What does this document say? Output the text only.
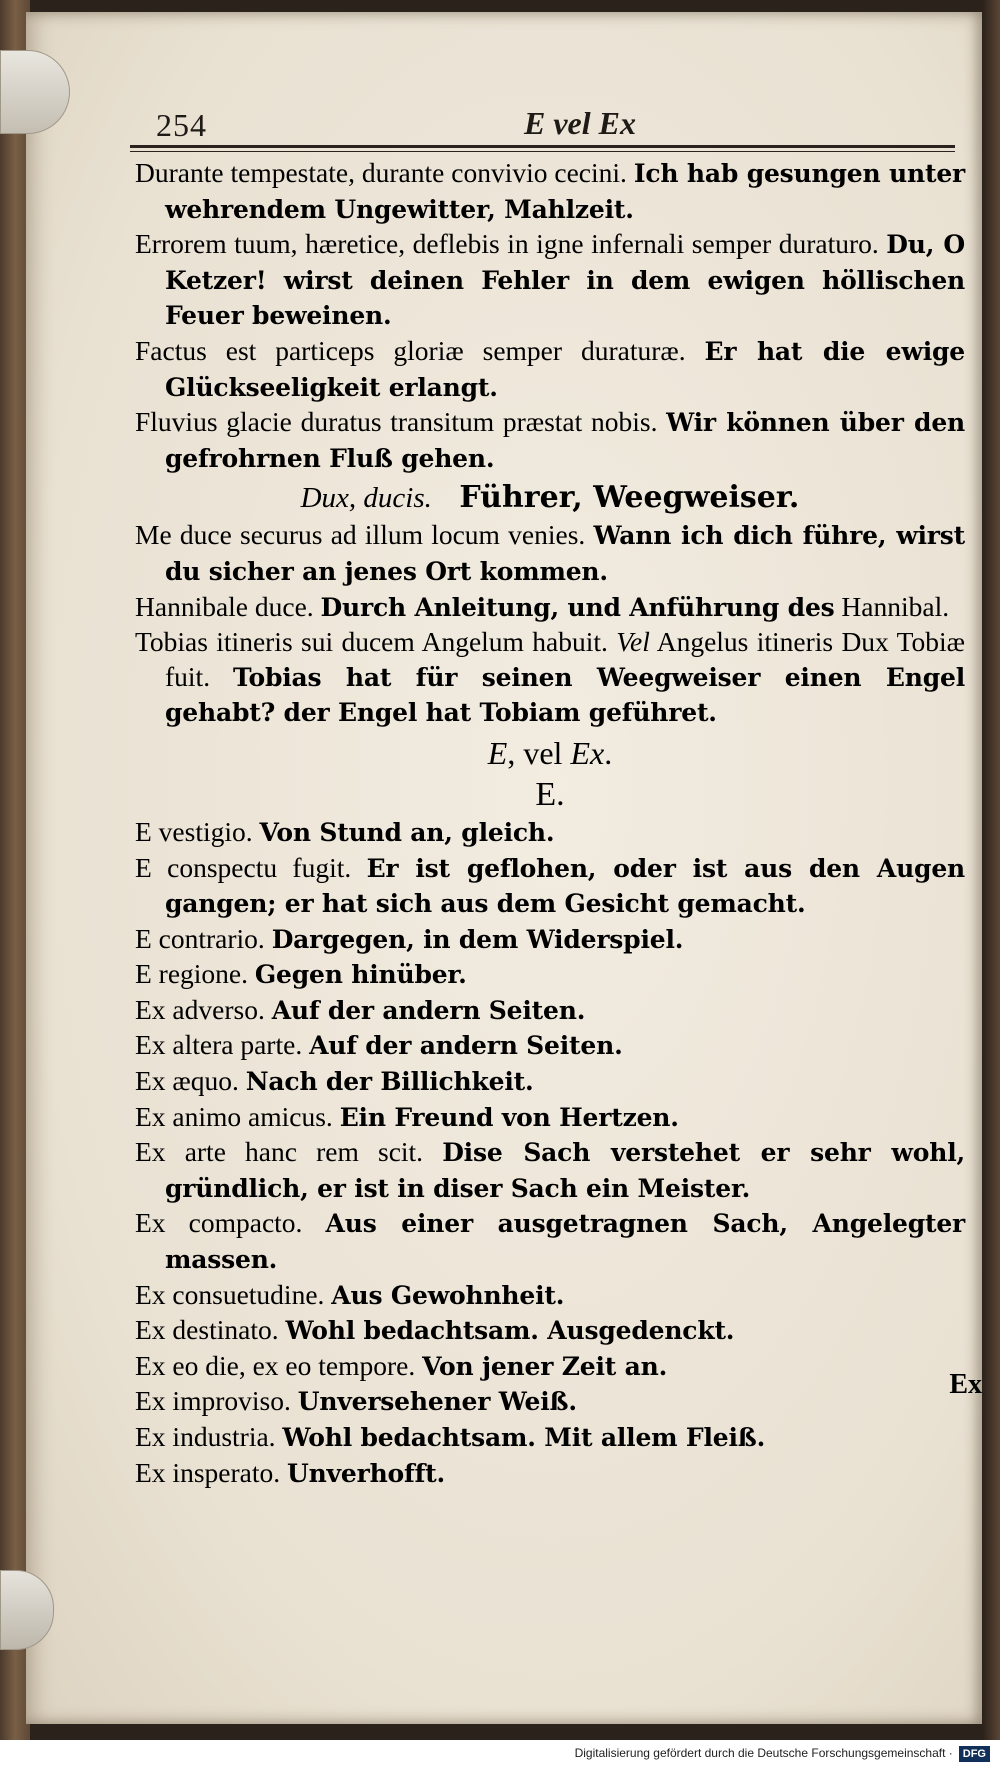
254	E vel Ex

Durante tempestate, durante convivio cecini. Ich hab gesungen unter wehrendem Ungewitter, Mahlzeit.

Errorem tuum, hæretice, deflebis in igne infernali semper duraturo. Du, O Ketzer! wirst deinen Fehler in dem ewigen höllischen Feuer beweinen.

Factus est particeps gloriæ semper duraturæ. Er hat die ewige Glückseeligkeit erlangt.

Fluvius glacie duratus transitum præstat nobis. Wir können über den gefrohrnen Fluß gehen.

Dux, ducis. Führer, Weegweiser.

Me duce securus ad illum locum venies. Wann ich dich führe, wirst du sicher an jenes Ort kommen.

Hannibale duce. Durch Anleitung, und Anführung des Hannibal.

Tobias itineris sui ducem Angelum habuit. Vel Angelus itineris Dux Tobiæ fuit. Tobias hat für seinen Weegweiser einen Engel gehabt? der Engel hat Tobiam geführet.

E, vel Ex.

E.

E vestigio. Von Stund an, gleich.

E conspectu fugit. Er ist geflohen, oder ist aus den Augen gangen; er hat sich aus dem Gesicht gemacht.

E contrario. Dargegen, in dem Widerspiel.

E regione. Gegen hinüber.

Ex adverso. Auf der andern Seiten.

Ex altera parte. Auf der andern Seiten.

Ex æquo. Nach der Billichkeit.

Ex animo amicus. Ein Freund von Hertzen.

Ex arte hanc rem scit. Dise Sach verstehet er sehr wohl, gründlich, er ist in diser Sach ein Meister.

Ex compacto. Aus einer ausgetragnen Sach, Angelegter massen.

Ex consuetudine. Aus Gewohnheit.

Ex destinato. Wohl bedachtsam. Ausgedenckt.

Ex eo die, ex eo tempore. Von jener Zeit an.

Ex improviso. Unversehener Weiß.

Ex industria. Wohl bedachtsam. Mit allem Fleiß.

Ex insperato. Unverhofft.

Ex
Digitalisierung gefördert durch die Deutsche Forschungsgemeinschaft · DFG
